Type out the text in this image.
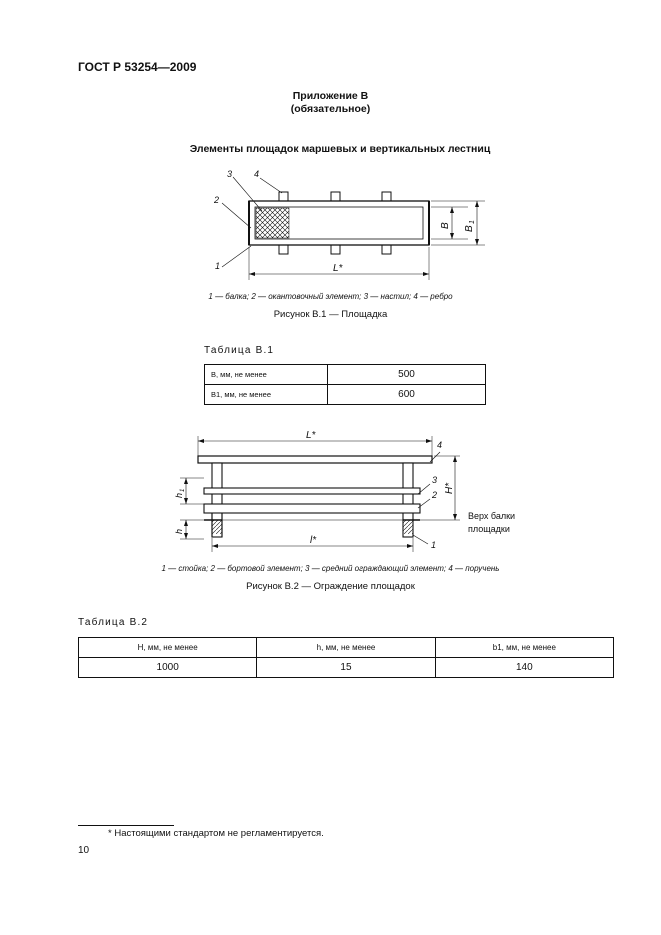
ГОСТ Р 53254—2009
Приложение В
(обязательное)
Элементы площадок маршевых и вертикальных лестниц
3 4
2
1	L*
B B
1
1 — балка; 2 — окантовочный элемент; 3 — настил; 4 — ребро
Рисунок В.1 — Площадка
Таблица В.1
B, мм, не менее	500
B1, мм, не менее	600
L*
l*
H*
h
1
h
4
3
2
1
Верх балки
площадки
1 — стойка; 2 — бортовой элемент; 3 — средний ограждающий элемент; 4 — поручень
Рисунок В.2 — Ограждение площадок
Таблица В.2
H, мм, не менее	h, мм, не менее	b1, мм, не менее
1000	15	140
* Настоящими стандартом не регламентируется.
10
